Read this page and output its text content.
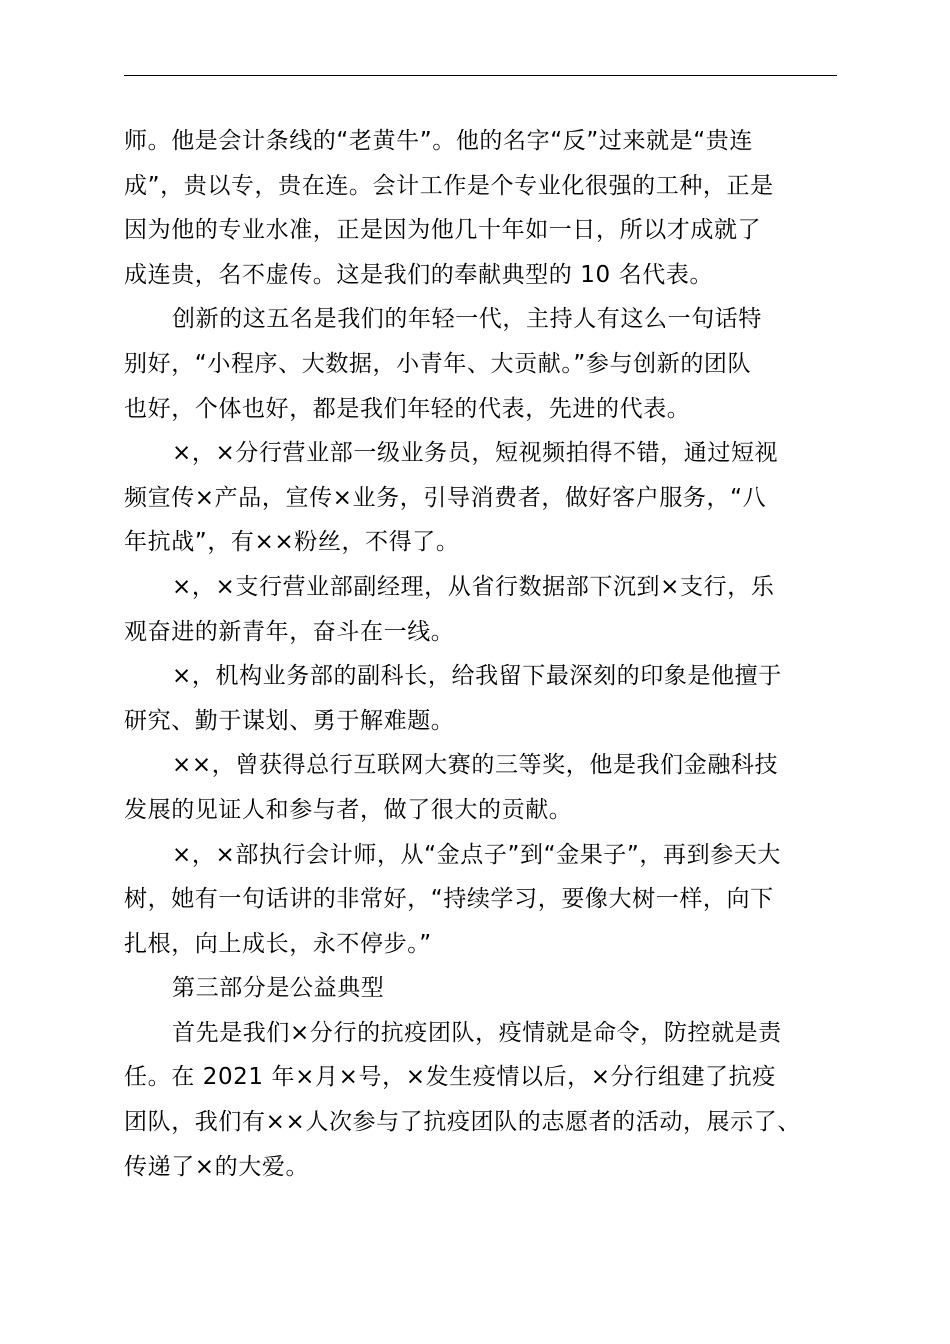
师。他是会计条线的“老黄牛”。他的名字“反”过来就是“贵连
成”，贵以专，贵在连。会计工作是个专业化很强的工种，正是
因为他的专业水准，正是因为他几十年如一日，所以才成就了
成连贵，名不虚传。这是我们的奉献典型的 10 名代表。

创新的这五名是我们的年轻一代，主持人有这么一句话特
别好，“小程序、大数据，小青年、大贡献。”参与创新的团队
也好，个体也好，都是我们年轻的代表，先进的代表。

×，×分行营业部一级业务员，短视频拍得不错，通过短视
频宣传×产品，宣传×业务，引导消费者，做好客户服务，“八
年抗战”，有××粉丝，不得了。

×，×支行营业部副经理，从省行数据部下沉到×支行，乐
观奋进的新青年，奋斗在一线。

×，机构业务部的副科长，给我留下最深刻的印象是他擅于
研究、勤于谋划、勇于解难题。

××，曾获得总行互联网大赛的三等奖，他是我们金融科技
发展的见证人和参与者，做了很大的贡献。

×，×部执行会计师，从“金点子”到“金果子”，再到参天大
树，她有一句话讲的非常好，“持续学习，要像大树一样，向下
扎根，向上成长，永不停步。”

第三部分是公益典型

首先是我们×分行的抗疫团队，疫情就是命令，防控就是责
任。在 2021 年×月×号，×发生疫情以后，×分行组建了抗疫
团队，我们有××人次参与了抗疫团队的志愿者的活动，展示了、
传递了×的大爱。
